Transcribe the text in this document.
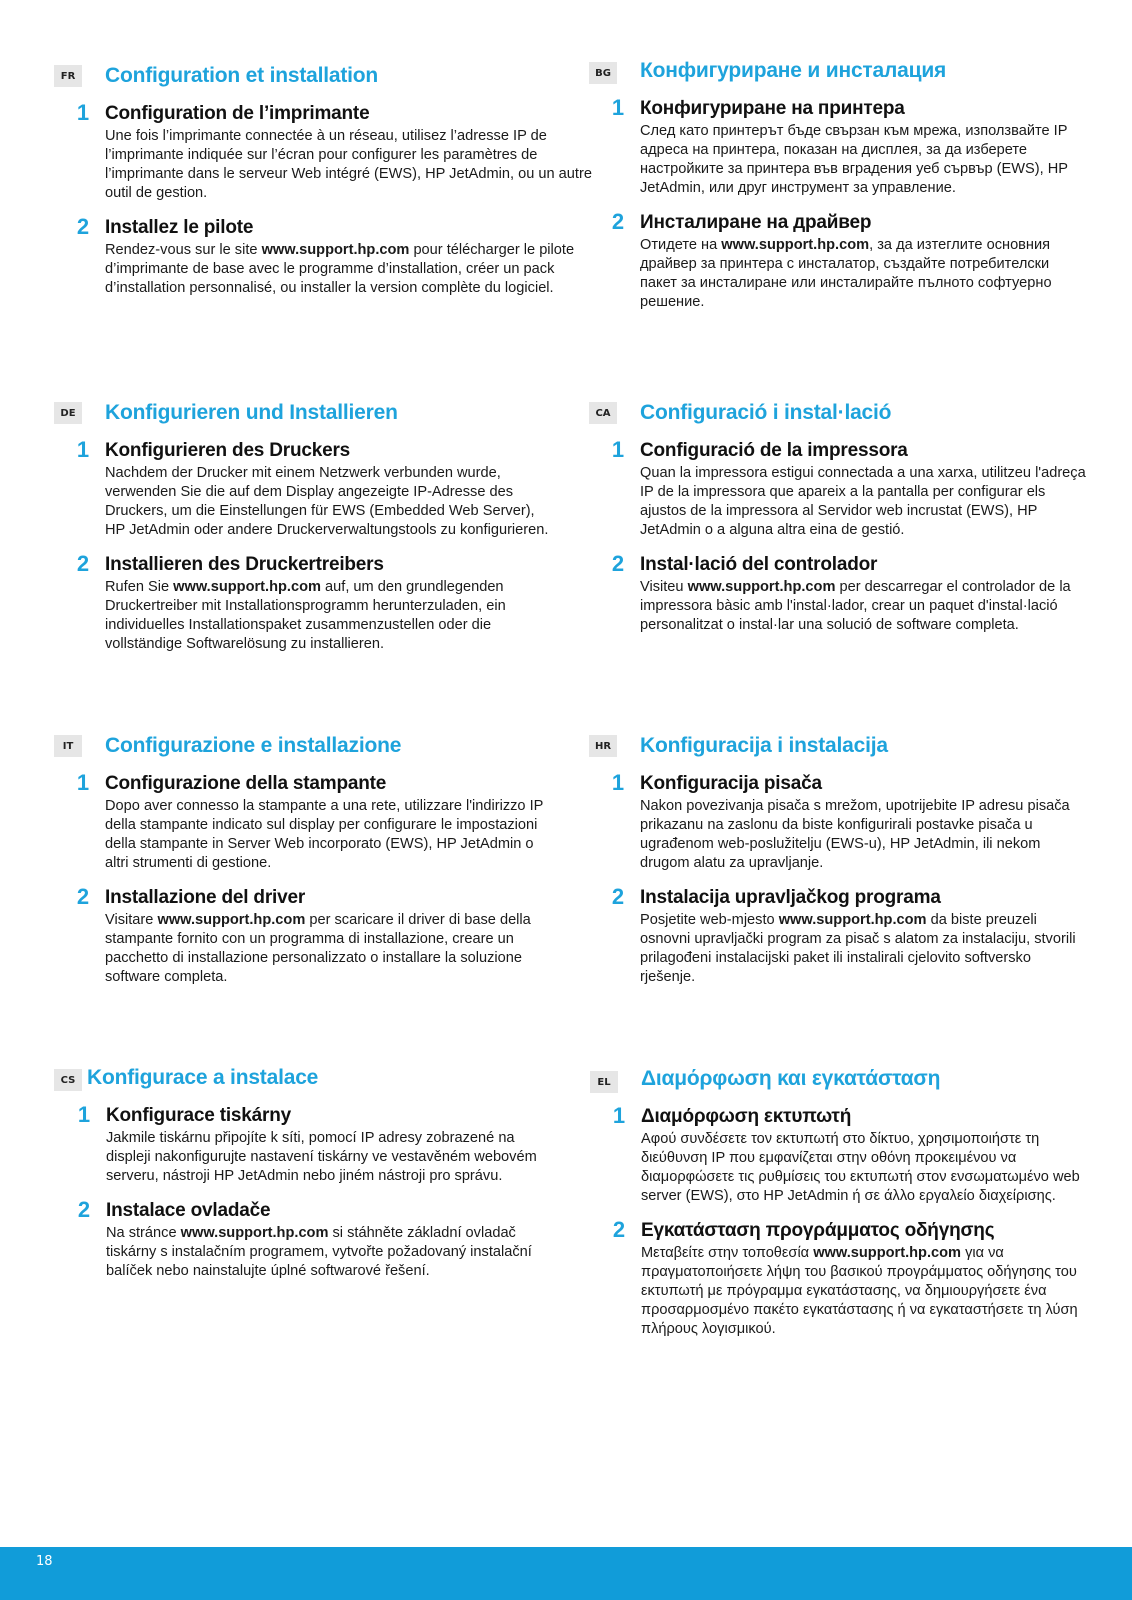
FR	Configuration et installation
1 Configuration de l’imprimante

Une fois l’imprimante connectée à un réseau, utilisez l’adresse IP de l’imprimante indiquée sur l’écran pour configurer les paramètres de l’imprimante dans le serveur Web intégré (EWS), HP JetAdmin, ou un autre outil de gestion.

2 Installez le pilote

Rendez-vous sur le site www.support.hp.com pour télécharger le pilote d’imprimante de base avec le programme d’installation, créer un pack d’installation personnalisé, ou installer la version complète du logiciel.

BG Конфигуриране и инсталация
1 Конфигуриране на принтера

След като принтерът бъде свързан към мрежа, използвайте IP адреса на принтера, показан на дисплея, за да изберете настройките за принтера във вградения уеб сървър (EWS), HP JetAdmin, или друг инструмент за управление.

2 Инсталиране на драйвер

Отидете на www.support.hp.com, за да изтеглите основния драйвер за принтера с инсталатор, създайте потребителски пакет за инсталиране или инсталирайте пълното софтуерно решение.

DE	Konfigurieren und Installieren
1 Konfigurieren des Druckers

Nachdem der Drucker mit einem Netzwerk verbunden wurde, verwenden Sie die auf dem Display angezeigte IP-Adresse des Druckers, um die Einstellungen für EWS (Embedded Web Server), HP JetAdmin oder andere Druckerverwaltungstools zu konfigurieren.

2 Installieren des Druckertreibers

Rufen Sie www.support.hp.com auf, um den grundlegenden Druckertreiber mit Installationsprogramm herunterzuladen, ein individuelles Installationspaket zusammenzustellen oder die vollständige Softwarelösung zu installieren.

CA	Configuració i instal·lació
1 Configuració de la impressora

Quan la impressora estigui connectada a una xarxa, utilitzeu l'adreça IP de la impressora que apareix a la pantalla per configurar els ajustos de la impressora al Servidor web incrustat (EWS), HP JetAdmin o a alguna altra eina de gestió.

2 Instal·lació del controlador

Visiteu www.support.hp.com per descarregar el controlador de la impressora bàsic amb l'instal·lador, crear un paquet d'instal·lació personalitzat o instal·lar una solució de software completa.

IT	Configurazione e installazione
1 Configurazione della stampante

Dopo aver connesso la stampante a una rete, utilizzare l'indirizzo IP della stampante indicato sul display per configurare le impostazioni della stampante in Server Web incorporato (EWS), HP JetAdmin o altri strumenti di gestione.

2 Installazione del driver

Visitare www.support.hp.com per scaricare il driver di base della stampante fornito con un programma di installazione, creare un pacchetto di installazione personalizzato o installare la soluzione software completa.

HR Konfiguracija i instalacija
1 Konfiguracija pisača

Nakon povezivanja pisača s mrežom, upotrijebite IP adresu pisača prikazanu na zaslonu da biste konfigurirali postavke pisača u ugrađenom web-poslužitelju (EWS-u), HP JetAdmin, ili nekom drugom alatu za upravljanje.

2 Instalacija upravljačkog programa

Posjetite web-mjesto www.support.hp.com da biste preuzeli osnovni upravljački program za pisač s alatom za instalaciju, stvorili prilagođeni instalacijski paket ili instalirali cjelovito softversko rješenje.

CS Konfigurace a instalace
1 Konfigurace tiskárny

Jakmile tiskárnu připojíte k síti, pomocí IP adresy zobrazené na displeji nakonfigurujte nastavení tiskárny ve vestavěném webovém serveru, nástroji HP JetAdmin nebo jiném nástroji pro správu.

2 Instalace ovladače

Na stránce www.support.hp.com si stáhněte základní ovladač tiskárny s instalačním programem, vytvořte požadovaný instalační balíček nebo nainstalujte úplné softwarové řešení.

EL	Διαμόρφωση και εγκατάσταση
1 Διαμόρφωση εκτυπωτή

Αφού συνδέσετε τον εκτυπωτή στο δίκτυο, χρησιμοποιήστε τη διεύθυνση IP που εμφανίζεται στην οθόνη προκειμένου να διαμορφώσετε τις ρυθμίσεις του εκτυπωτή στον ενσωματωμένο web server (EWS), στο HP JetAdmin ή σε άλλο εργαλείο διαχείρισης.

2 Εγκατάσταση προγράμματος οδήγησης

Μεταβείτε στην τοποθεσία www.support.hp.com για να πραγματοποιήσετε λήψη του βασικού προγράμματος οδήγησης του εκτυπωτή με πρόγραμμα εγκατάστασης, να δημιουργήσετε ένα προσαρμοσμένο πακέτο εγκατάστασης ή να εγκαταστήσετε τη λύση πλήρους λογισμικού.

18
